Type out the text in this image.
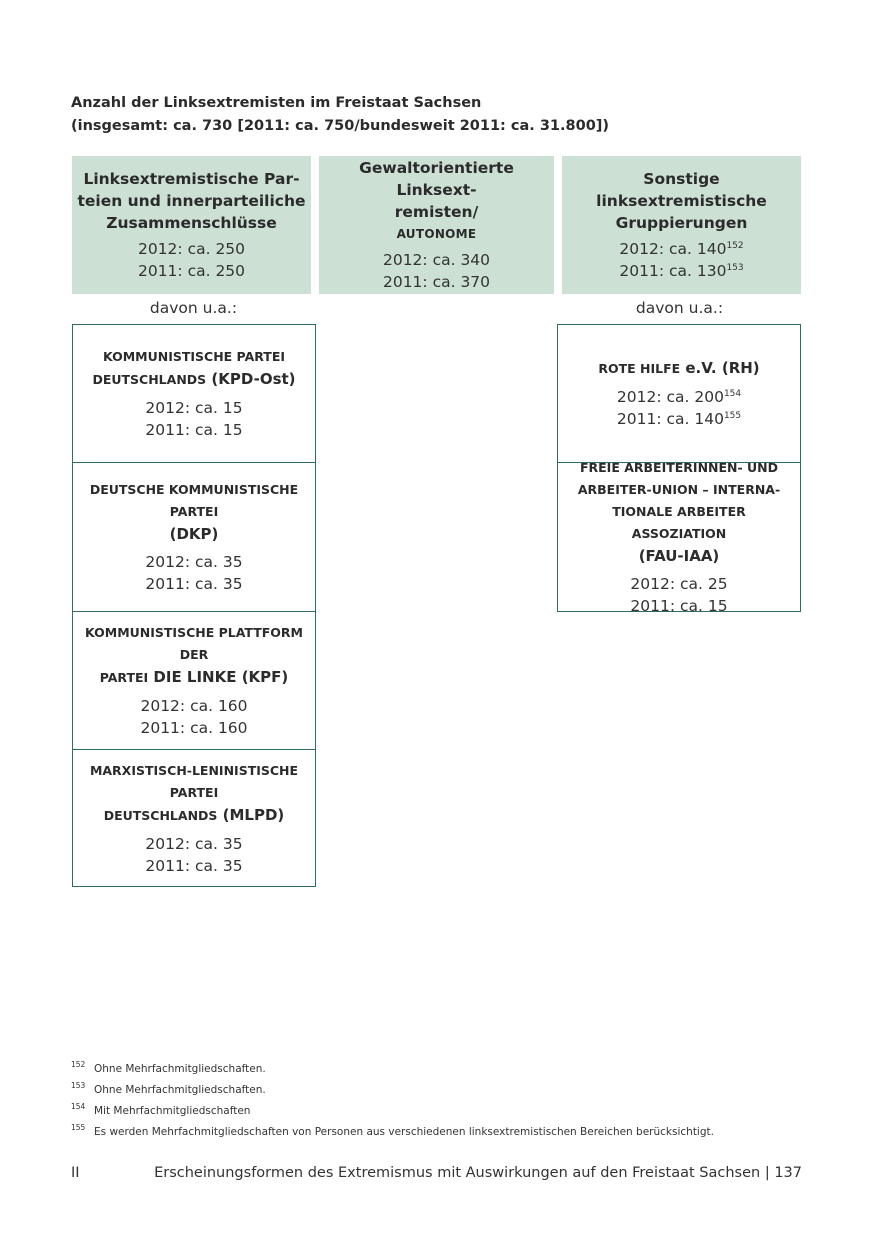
Anzahl der Linksextremisten im Freistaat Sachsen
(insgesamt: ca. 730 [2011: ca. 750/bundesweit 2011: ca. 31.800])
Linksextremistische Par-
teien und innerparteiliche
Zusammenschlüsse
2012: ca. 250
2011: ca. 250
Gewaltorientierte Linksext-
remisten/
AUTONOME
2012: ca. 340
2011: ca. 370
Sonstige linksextremistische
Gruppierungen
2012: ca. $140^{152}$
2011: ca. $130^{153}$
davon u.a.:	davon u.a.:
KOMMUNISTISCHE PARTEI
DEUTSCHLANDS (KPD-Ost)
2012: ca. 15
2011: ca. 15
DEUTSCHE KOMMUNISTISCHE PARTEI
(DKP)
2012: ca. 35
2011: ca. 35
KOMMUNISTISCHE PLATTFORM DER
PARTEI DIE LINKE (KPF)
2012: ca. 160
2011: ca. 160
MARXISTISCH-LENINISTISCHE PARTEI
DEUTSCHLANDS (MLPD)
2012: ca. 35
2011: ca. 35
ROTE HILFE e.V. (RH)
2012: ca. $200^{154}$
2011: ca. $140^{155}$
FREIE ARBEITERINNEN- UND
ARBEITER-UNION – INTERNA-
TIONALE ARBEITER ASSOZIATION
(FAU-IAA)
2012: ca. 25
2011: ca. 15
152 Ohne Mehrfachmitgliedschaften.
153 Ohne Mehrfachmitgliedschaften.
154 Mit Mehrfachmitgliedschaften
155 Es werden Mehrfachmitgliedschaften von Personen aus verschiedenen linksextremistischen Bereichen berücksichtigt.
II	Erscheinungsformen des Extremismus mit Auswirkungen auf den Freistaat Sachsen | 137
